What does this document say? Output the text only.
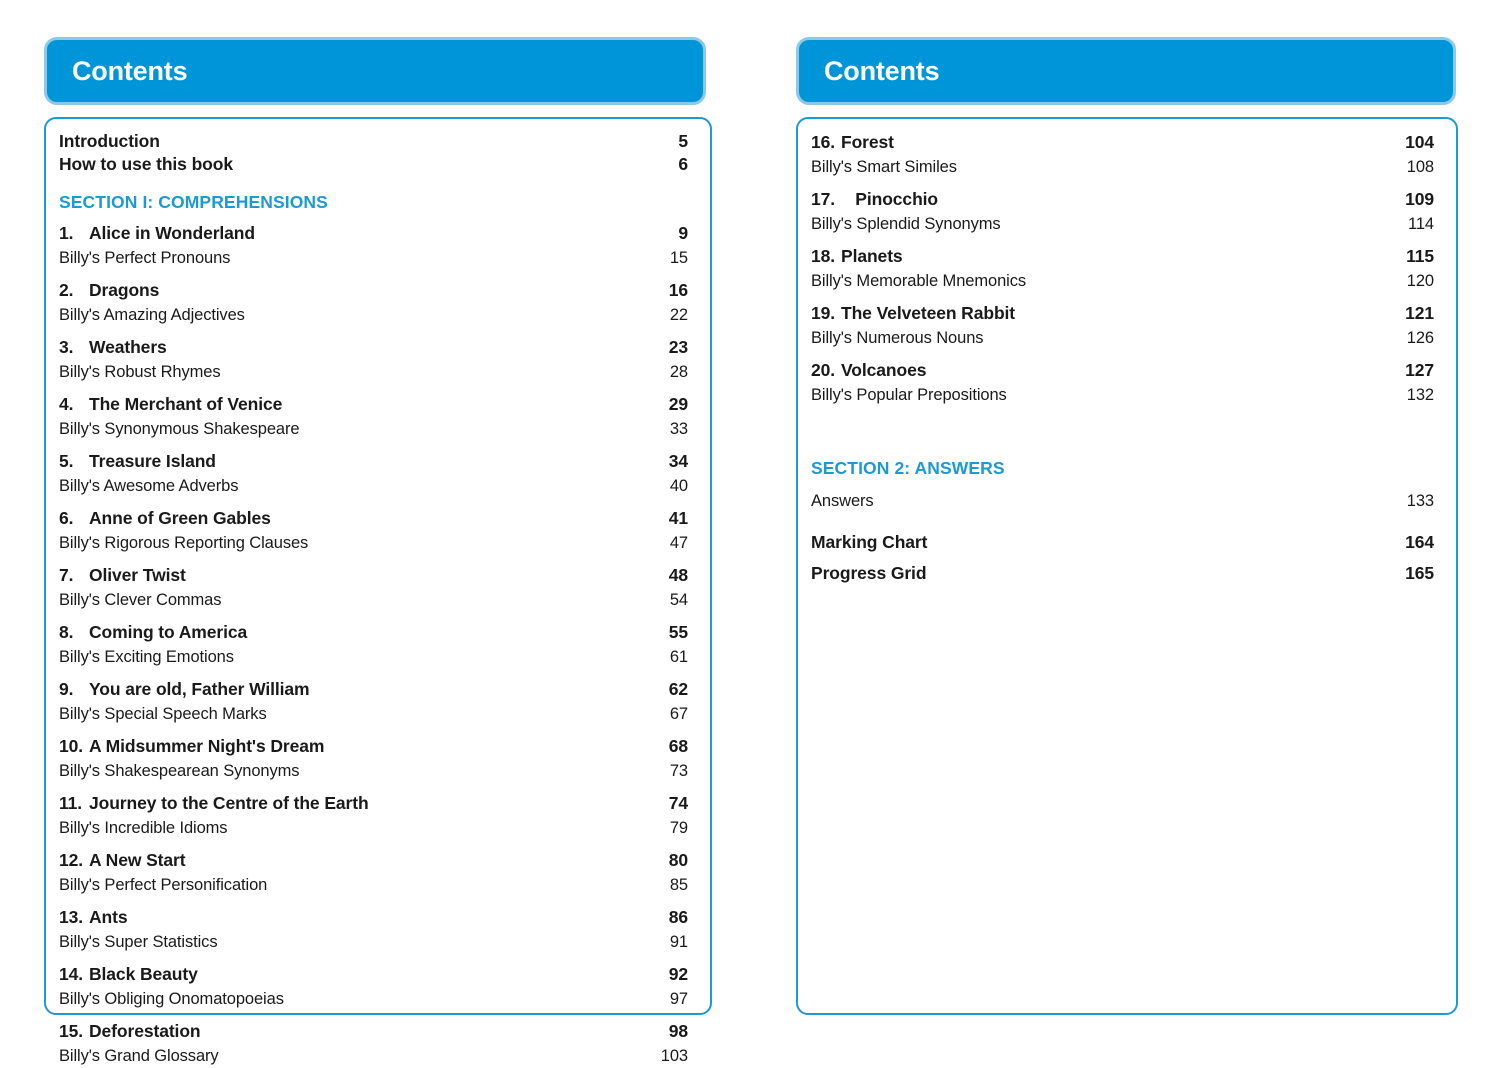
Contents
Introduction	5
How to use this book	6
SECTION I: COMPREHENSIONS
1. Alice in Wonderland	9
Billy's Perfect Pronouns	15
2. Dragons	16
Billy's Amazing Adjectives	22
3. Weathers	23
Billy's Robust Rhymes	28
4. The Merchant of Venice	29
Billy's Synonymous Shakespeare	33
5. Treasure Island	34
Billy's Awesome Adverbs	40
6. Anne of Green Gables	41
Billy's Rigorous Reporting Clauses	47
7. Oliver Twist	48
Billy's Clever Commas	54
8. Coming to America	55
Billy's Exciting Emotions	61
9. You are old, Father William	62
Billy's Special Speech Marks	67
10. A Midsummer Night's Dream	68
Billy's Shakespearean Synonyms	73
11. Journey to the Centre of the Earth	74
Billy's Incredible Idioms	79
12. A New Start	80
Billy's Perfect Personification	85
13. Ants	86
Billy's Super Statistics	91
14. Black Beauty	92
Billy's Obliging Onomatopoeias	97
15. Deforestation	98
Billy's Grand Glossary	103
Contents
16. Forest	104
Billy's Smart Similes	108
17.   Pinocchio	109
Billy's Splendid Synonyms	114
18. Planets	115
Billy's Memorable Mnemonics	120
19. The Velveteen Rabbit	121
Billy's Numerous Nouns	126
20. Volcanoes	127
Billy's Popular Prepositions	132
SECTION 2: ANSWERS
Answers	133
Marking Chart	164
Progress Grid	165
